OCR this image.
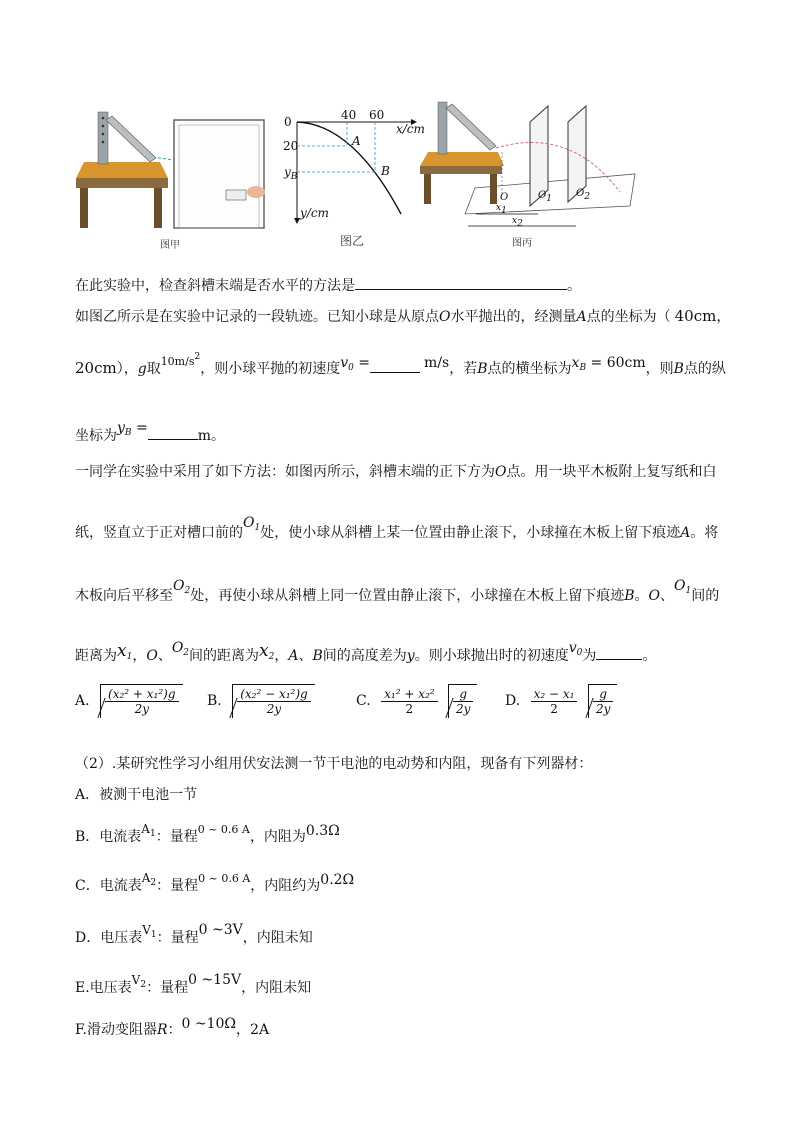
图甲
0	40 60
x/cm
20
$y_B$
y/cm
A
B
图乙
O	O1 O2
x1
x2
图丙
在此实验中，检查斜槽末端是否水平的方法是	。
如图乙所示是在实验中记录的一段轨迹。已知小球是从原点O水平抛出的，经测量A点的坐标为（ 40cm，
20cm），g取$^{10m/s^2}$，则小球平抛的初速度$v_0$ =	m/s，若B点的横坐标为$x_B = 60cm$，则B点的纵
坐标为$y_B$ =	m。
一同学在实验中采用了如下方法：如图丙所示，斜槽末端的正下方为O点。用一块平木板附上复写纸和白
纸，竖直立于正对槽口前的$O_1$处，使小球从斜槽上某一位置由静止滚下，小球撞在木板上留下痕迹A。将
木板向后平移至$O_2$处，再使小球从斜槽上同一位置由静止滚下，小球撞在木板上留下痕迹B。O、$O_1$间的
距离为$x_1$，O、$O_2$间的距离为$x_2$，A、B间的高度差为y。则小球抛出时的初速度$v_0$为	。
A. $\frac{\text{(x₂² + x₁²)g}}{2y} B$. $\frac{\text{(x₂² − x₁²)g}}{2y}$	C. $\frac{\text{x₁² + x₂²}}{2}$
$\frac{g}{2y} D$. $\frac{\text{x₂ − x₁}}{2}$
$\frac{g}{2y}$
（2）.某研究性学习小组用伏安法测一节干电池的电动势和内阻，现备有下列器材：
A．被测干电池一节
B．电流表$A_1$：量程$^{0 \sim 0.6 A}$，内阻为0.3Ω
C．电流表$A_2$：量程$^{0 \sim 0.6 A}$，内阻约为0.2Ω
D．电压表$V_1$：量程0 ~3V，内阻未知
E.电压表$V_2$：量程0 ~15V，内阻未知
F.滑动变阻器R：0 ~10Ω，2A
